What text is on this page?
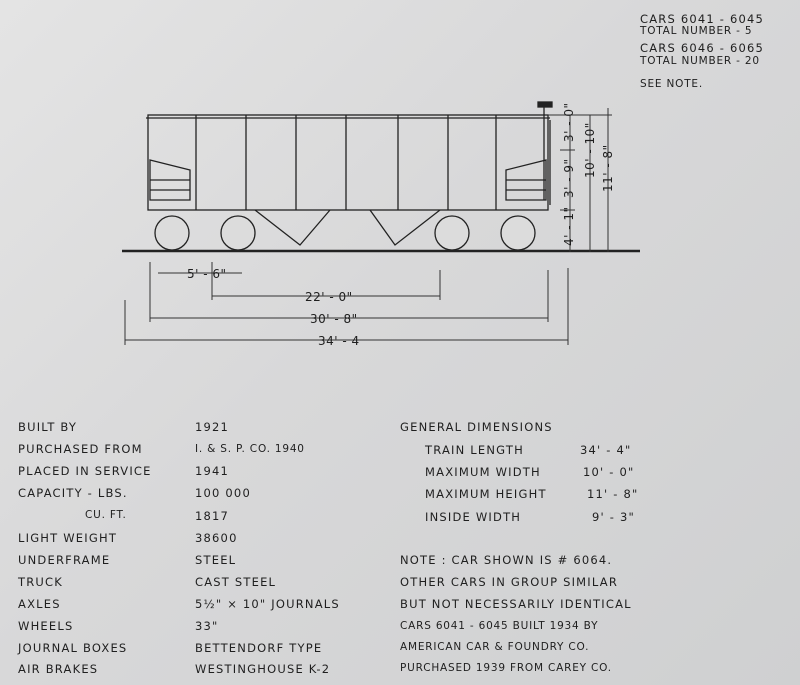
CARS 6041 - 6045
TOTAL NUMBER - 5
CARS 6046 - 6065
TOTAL NUMBER - 20
SEE NOTE.
5' - 6"
22' - 0"
30' - 8"
34' - 4
3' - 0"
3' - 9"
4' - 1"
10' - 10" 11' - 8"
BUILT BY	1921
PURCHASED FROM	I. & S. P. CO. 1940
PLACED IN SERVICE	1941
CAPACITY - LBS.	100 000
CU. FT.	1817
LIGHT WEIGHT	38600
UNDERFRAME	STEEL
TRUCK	CAST STEEL
AXLES	5½" × 10" JOURNALS
WHEELS	33"
JOURNAL BOXES	BETTENDORF TYPE
AIR BRAKES	WESTINGHOUSE K-2
GENERAL DIMENSIONS
TRAIN LENGTH	34' - 4"
MAXIMUM WIDTH	10' - 0"
MAXIMUM HEIGHT	11' - 8"
INSIDE WIDTH	9' - 3"
NOTE : CAR SHOWN IS # 6064.
OTHER CARS IN GROUP SIMILAR
BUT NOT NECESSARILY IDENTICAL
CARS 6041 - 6045 BUILT 1934 BY
AMERICAN CAR & FOUNDRY CO.
PURCHASED 1939 FROM CAREY CO.
